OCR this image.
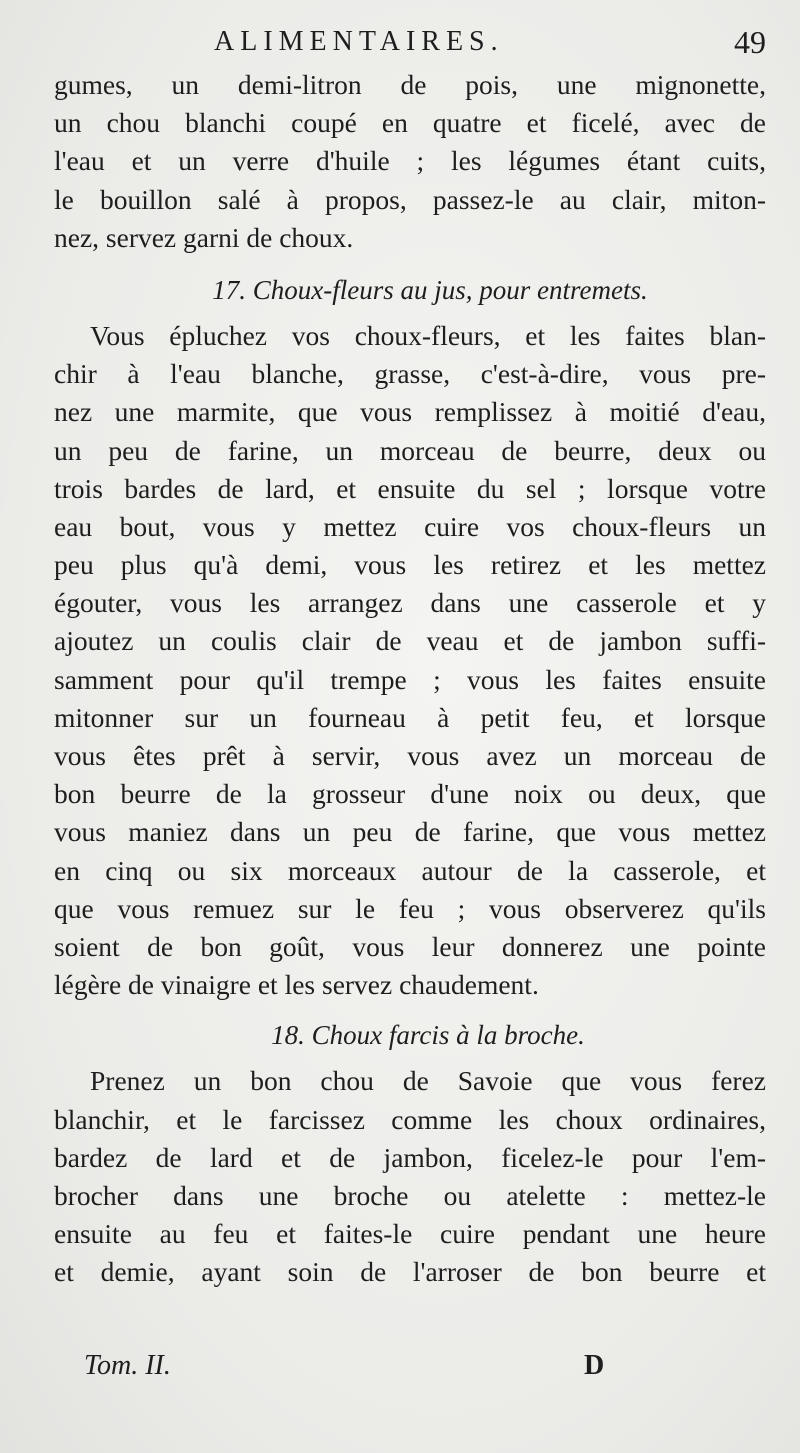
ALIMENTAIRES.	49
gumes, un demi-litron de pois, une mignonette,
un chou blanchi coupé en quatre et ficelé, avec de
l'eau et un verre d'huile ; les légumes étant cuits,
le bouillon salé à propos, passez-le au clair, miton-
nez, servez garni de choux.
17. Choux-fleurs au jus, pour entremets.
Vous épluchez vos choux-fleurs, et les faites blan-
chir à l'eau blanche, grasse, c'est-à-dire, vous pre-
nez une marmite, que vous remplissez à moitié d'eau,
un peu de farine, un morceau de beurre, deux ou
trois bardes de lard, et ensuite du sel ; lorsque votre
eau bout, vous y mettez cuire vos choux-fleurs un
peu plus qu'à demi, vous les retirez et les mettez
égouter, vous les arrangez dans une casserole et y
ajoutez un coulis clair de veau et de jambon suffi-
samment pour qu'il trempe ; vous les faites ensuite
mitonner sur un fourneau à petit feu, et lorsque
vous êtes prêt à servir, vous avez un morceau de
bon beurre de la grosseur d'une noix ou deux, que
vous maniez dans un peu de farine, que vous mettez
en cinq ou six morceaux autour de la casserole, et
que vous remuez sur le feu ; vous observerez qu'ils
soient de bon goût, vous leur donnerez une pointe
légère de vinaigre et les servez chaudement.
18. Choux farcis à la broche.
Prenez un bon chou de Savoie que vous ferez
blanchir, et le farcissez comme les choux ordinaires,
bardez de lard et de jambon, ficelez-le pour l'em-
brocher dans une broche ou atelette : mettez-le
ensuite au feu et faites-le cuire pendant une heure
et demie, ayant soin de l'arroser de bon beurre et
Tom. II.	D
